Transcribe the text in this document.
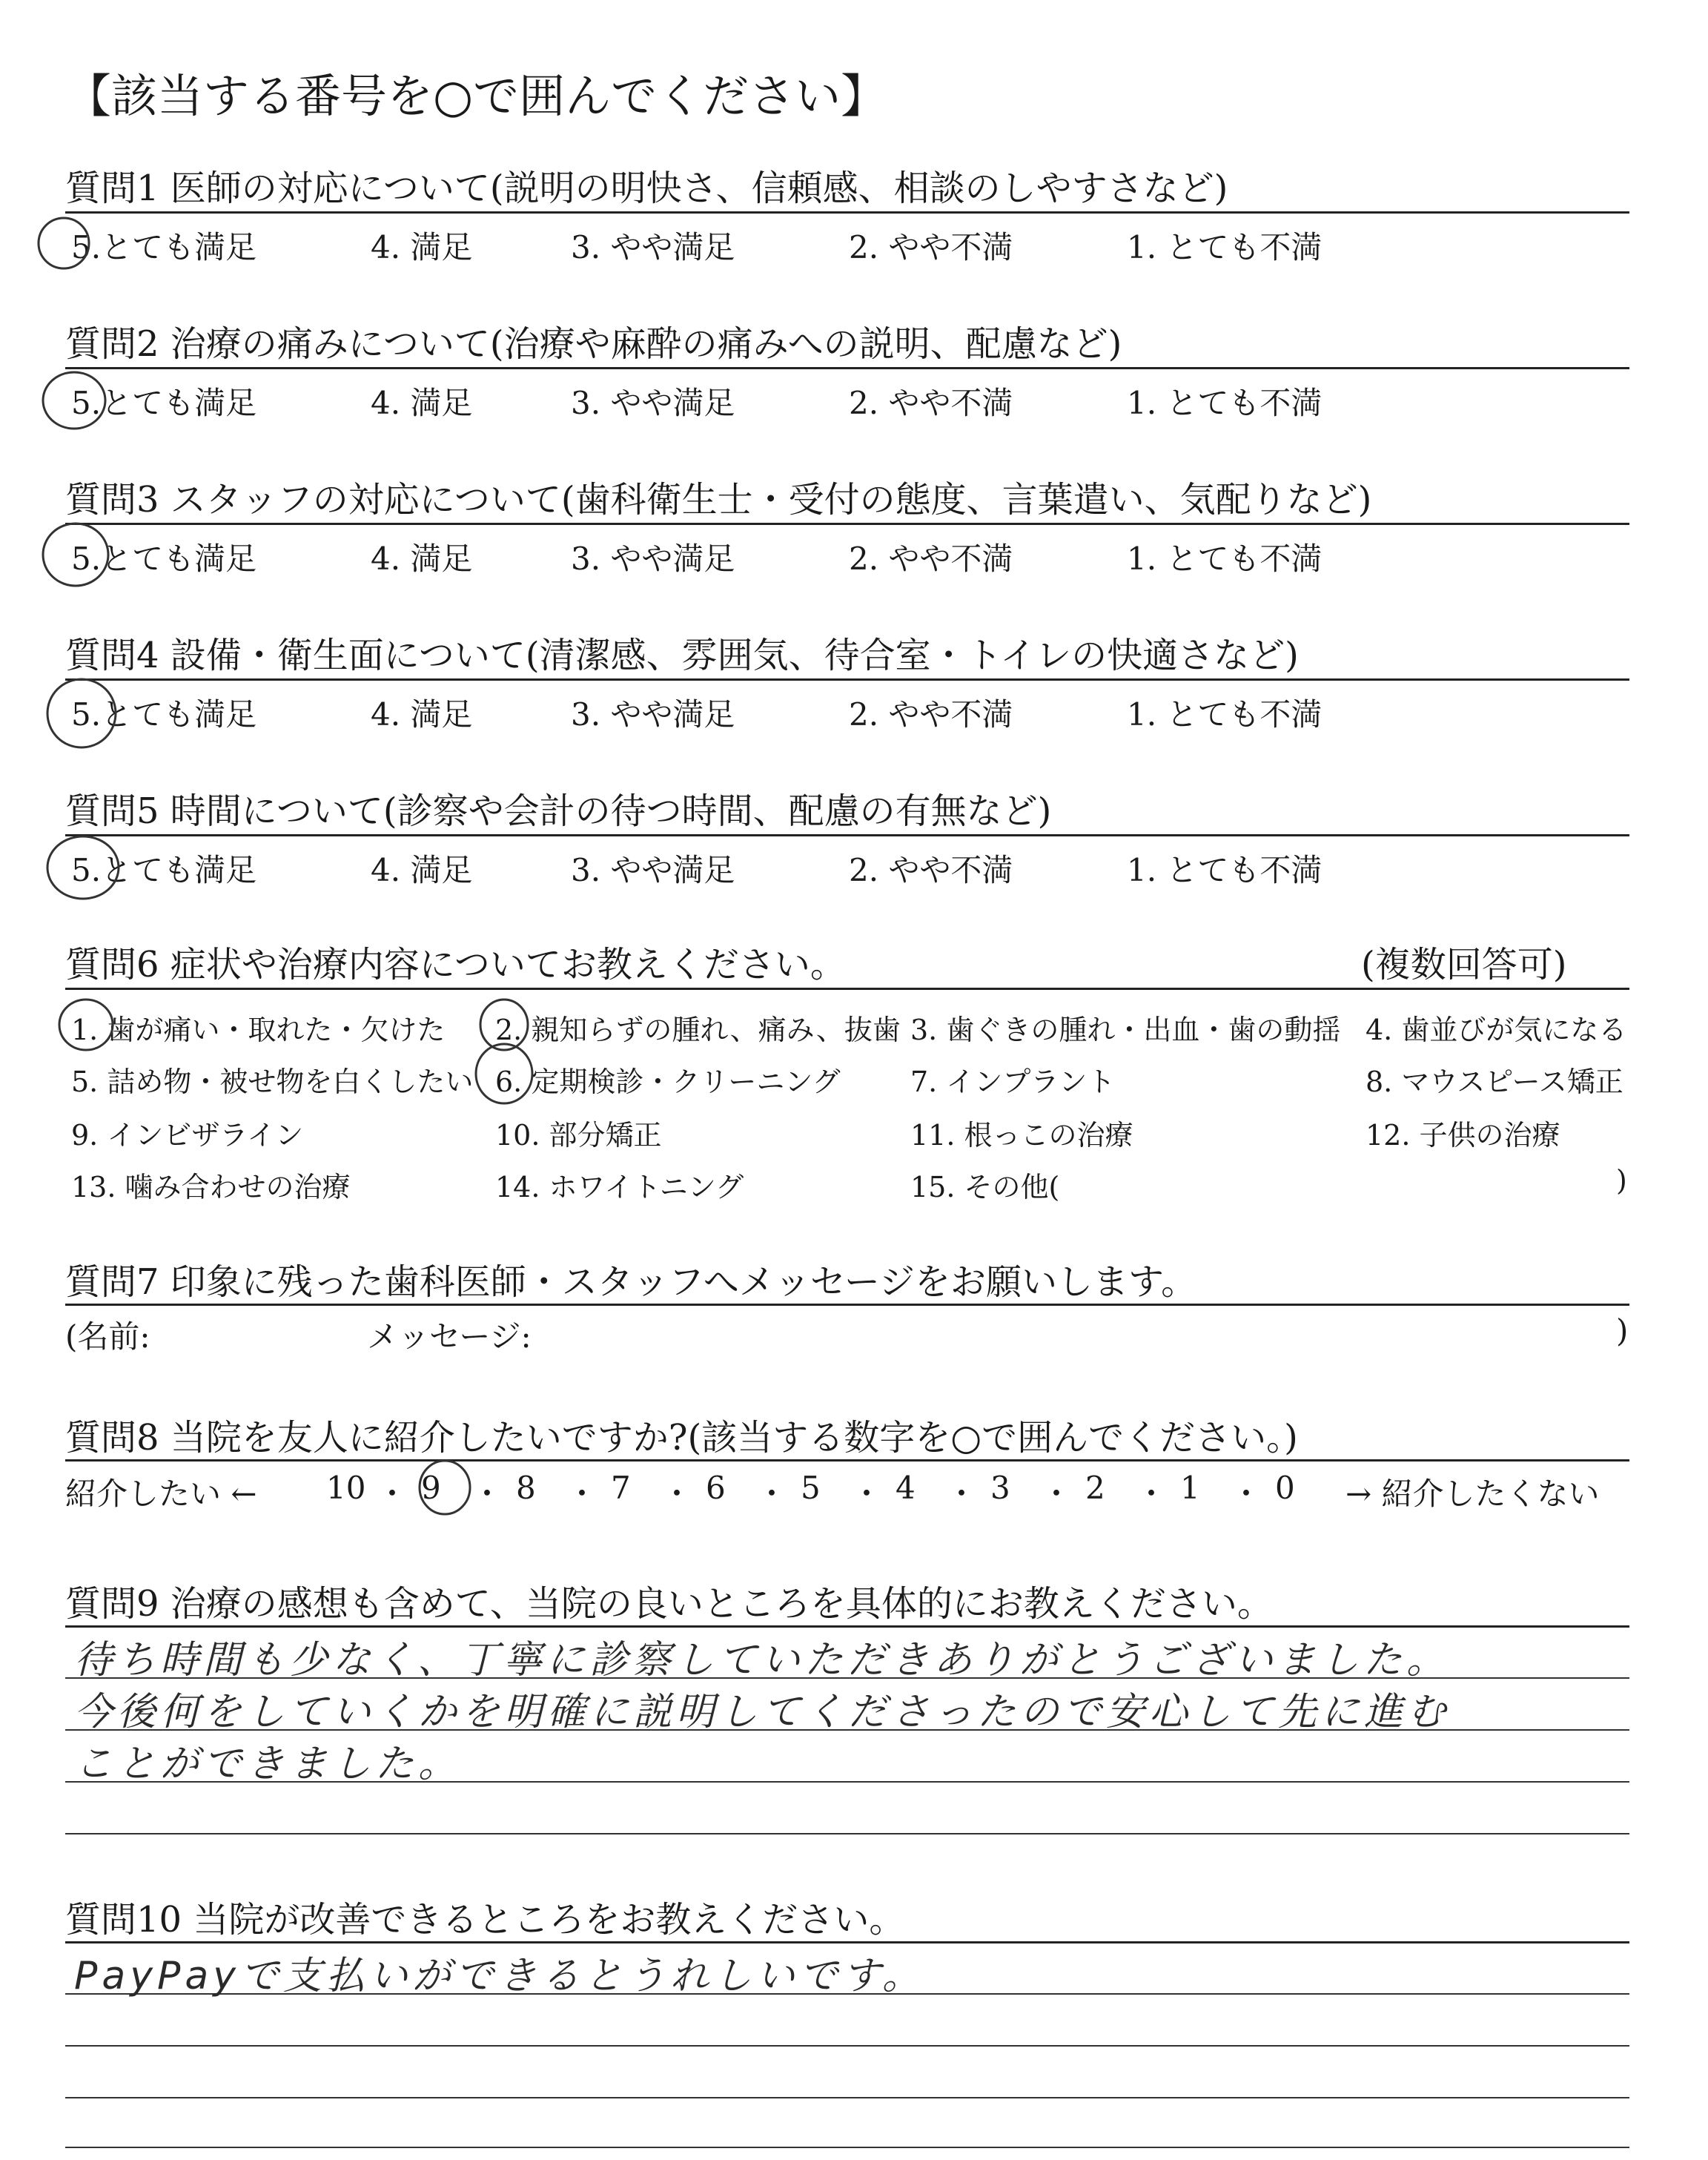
【該当する番号を○で囲んでください】
質問1 医師の対応について(説明の明快さ、信頼感、相談のしやすさなど)
5.とても満足	4. 満足	3. やや満足	2. やや不満	1. とても不満
質問2 治療の痛みについて(治療や麻酔の痛みへの説明、配慮など)
5.とても満足	4. 満足	3. やや満足	2. やや不満	1. とても不満
質問3 スタッフの対応について(歯科衛生士・受付の態度、言葉遣い、気配りなど)
5.とても満足	4. 満足	3. やや満足	2. やや不満	1. とても不満
質問4 設備・衛生面について(清潔感、雰囲気、待合室・トイレの快適さなど)
5.とても満足	4. 満足	3. やや満足	2. やや不満	1. とても不満
質問5 時間について(診察や会計の待つ時間、配慮の有無など)
5.とても満足	4. 満足	3. やや満足	2. やや不満	1. とても不満
質問6 症状や治療内容についてお教えください。	(複数回答可)
1. 歯が痛い・取れた・欠けた 2. 親知らずの腫れ、痛み、抜歯 3. 歯ぐきの腫れ・出血・歯の動揺 4. 歯並びが気になる
5. 詰め物・被せ物を白くしたい 6. 定期検診・クリーニング 7. インプラント	8. マウスピース矯正
9. インビザライン	10. 部分矯正	11. 根っこの治療	12. 子供の治療
13. 噛み合わせの治療	14. ホワイトニング	15. その他(	)
質問7 印象に残った歯科医師・スタッフへメッセージをお願いします。
(名前:	メッセージ:	)
質問8 当院を友人に紹介したいですか?(該当する数字を○で囲んでください。)
紹介したい ← 10 ・ 9 ・ 8 ・ 7 ・ 6 ・ 5 ・ 4 ・ 3 ・ 2 ・ 1 ・ 0 → 紹介したくない
質問9 治療の感想も含めて、当院の良いところを具体的にお教えください。
待ち時間も少なく、丁寧に診察していただきありがとうございました。
今後何をしていくかを明確に説明してくださったので安心して先に進む
ことができました。
質問10 当院が改善できるところをお教えください。
PayPayで支払いができるとうれしいです。
